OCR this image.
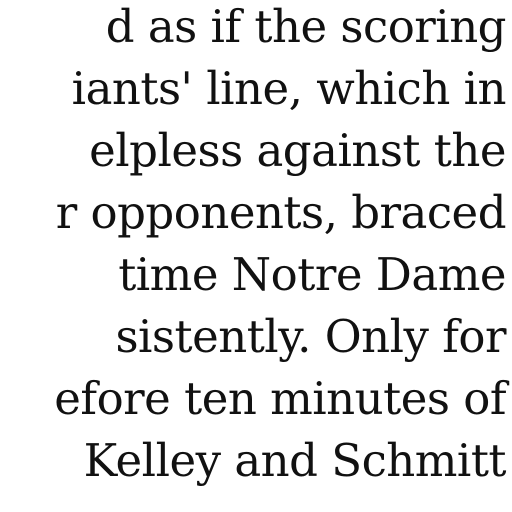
d as if the scoring
iants' line, which in
elpless against the
r opponents, braced
time Notre Dame
sistently. Only for
efore ten minutes of
Kelley and Schmitt
